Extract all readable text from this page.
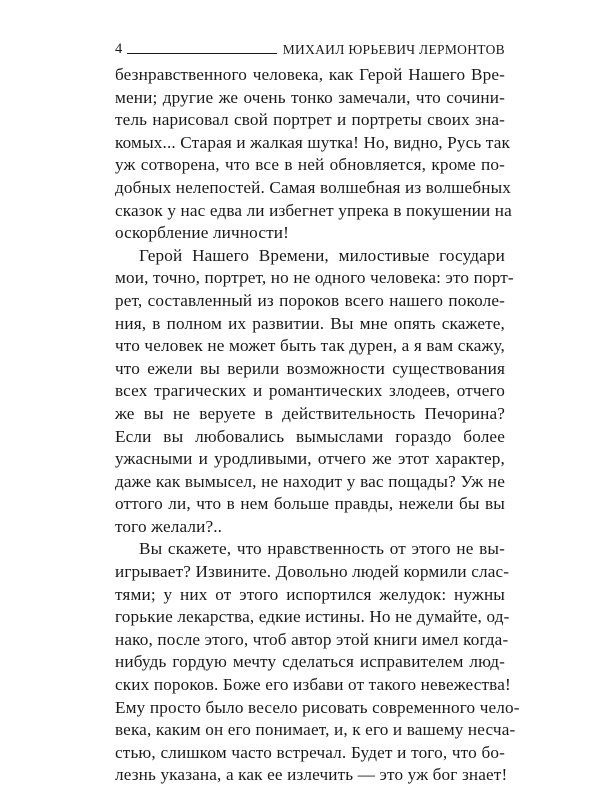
4	МИХАИЛ ЮРЬЕВИЧ ЛЕРМОНТОВ

безнравственного человека, как Герой Нашего Вре-
мени; другие же очень тонко замечали, что сочини-
тель нарисовал свой портрет и портреты своих зна-
комых... Старая и жалкая шутка! Но, видно, Русь так
уж сотворена, что все в ней обновляется, кроме по-
добных нелепостей. Самая волшебная из волшебных
сказок у нас едва ли избегнет упрека в покушении на
оскорбление личности!

Герой Нашего Времени, милостивые государи
мои, точно, портрет, но не одного человека: это порт-
рет, составленный из пороков всего нашего поколе-
ния, в полном их развитии. Вы мне опять скажете,
что человек не может быть так дурен, а я вам скажу,
что ежели вы верили возможности существования
всех трагических и романтических злодеев, отчего
же вы не веруете в действительность Печорина?
Если вы любовались вымыслами гораздо более
ужасными и уродливыми, отчего же этот характер,
даже как вымысел, не находит у вас пощады? Уж не
оттого ли, что в нем больше правды, нежели бы вы
того желали?..

Вы скажете, что нравственность от этого не вы-
игрывает? Извините. Довольно людей кормили слас-
тями; у них от этого испортился желудок: нужны
горькие лекарства, едкие истины. Но не думайте, од-
нако, после этого, чтоб автор этой книги имел когда-
нибудь гордую мечту сделаться исправителем люд-
ских пороков. Боже его избави от такого невежества!
Ему просто было весело рисовать современного чело-
века, каким он его понимает, и, к его и вашему несча-
стью, слишком часто встречал. Будет и того, что бо-
лезнь указана, а как ее излечить — это уж бог знает!
